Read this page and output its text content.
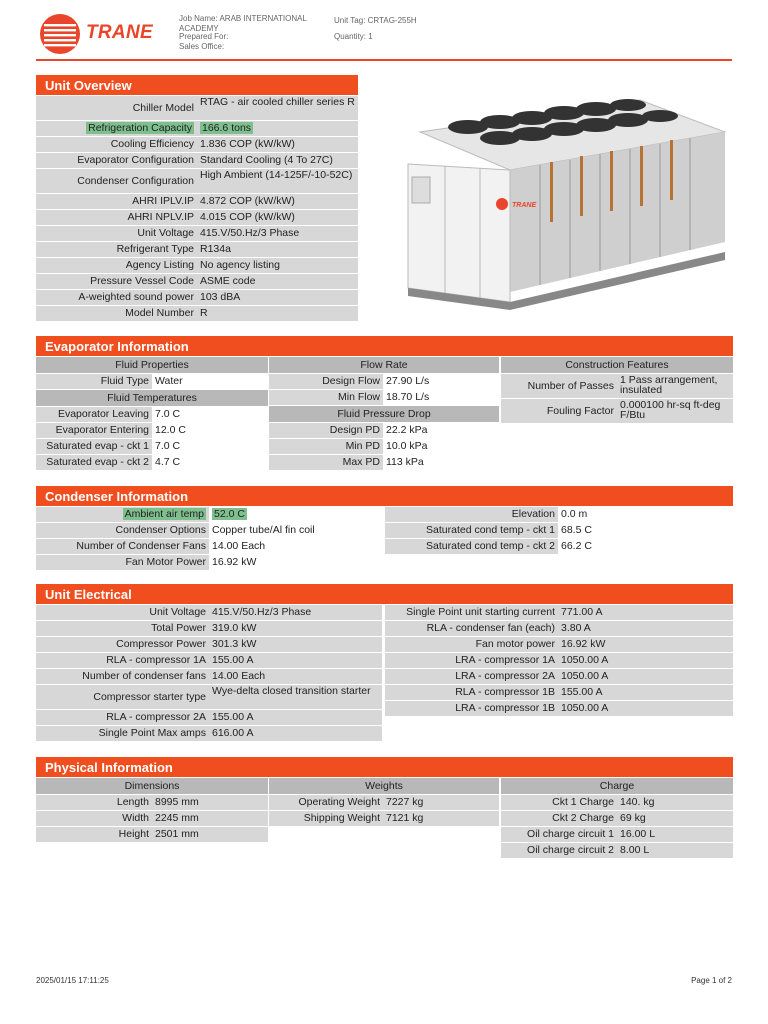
TRANE
Job Name: ARAB INTERNATIONAL ACADEMY
Prepared For:
Sales Office:
Unit Tag: CRTAG-255H
Quantity: 1
Unit Overview
Chiller Model RTAG - air cooled chiller series R
Refrigeration Capacity 166.6 tons
Cooling Efficiency 1.836 COP (kW/kW)
Evaporator Configuration Standard Cooling (4 To 27C)
Condenser Configuration High Ambient (14-125F/-10-52C)
AHRI IPLV.IP 4.872 COP (kW/kW)
AHRI NPLV.IP 4.015 COP (kW/kW)
Unit Voltage 415.V/50.Hz/3 Phase
Refrigerant Type R134a
Agency Listing No agency listing
Pressure Vessel Code ASME code
A-weighted sound power 103 dBA
Model Number R
TRANE
Evaporator Information
Fluid Properties	Flow Rate	Construction Features
Fluid Type Water
Fluid Temperatures
Evaporator Leaving 7.0 C
Evaporator Entering 12.0 C
Saturated evap - ckt 1 7.0 C
Saturated evap - ckt 2 4.7 C
Design Flow 27.90 L/s
Min Flow 18.70 L/s
Fluid Pressure Drop
Design PD 22.2 kPa
Min PD 10.0 kPa
Max PD 113 kPa
Number of Passes 1 Pass arrangement, insulated
Fouling Factor 0.000100 hr-sq ft-deg F/Btu
Condenser Information
Ambient air temp 52.0 C
Condenser Options Copper tube/Al fin coil
Number of Condenser Fans 14.00 Each
Fan Motor Power 16.92 kW
Elevation 0.0 m
Saturated cond temp - ckt 1 68.5 C
Saturated cond temp - ckt 2 66.2 C
Unit Electrical
Unit Voltage 415.V/50.Hz/3 Phase
Total Power 319.0 kW
Compressor Power 301.3 kW
RLA - compressor 1A 155.00 A
Number of condenser fans 14.00 Each
Compressor starter type Wye-delta closed transition starter
RLA - compressor 2A 155.00 A
Single Point Max amps 616.00 A
Single Point unit starting current 771.00 A
RLA - condenser fan (each) 3.80 A
Fan motor power 16.92 kW
LRA - compressor 1A 1050.00 A
LRA - compressor 2A 1050.00 A
RLA - compressor 1B 155.00 A
LRA - compressor 1B 1050.00 A
Physical Information
Dimensions	Weights	Charge
Length 8995 mm
Width 2245 mm
Height 2501 mm
Operating Weight 7227 kg
Shipping Weight 7121 kg
Ckt 1 Charge 140. kg
Ckt 2 Charge 69 kg
Oil charge circuit 1 16.00 L
Oil charge circuit 2 8.00 L
2025/01/15 17:11:25	Page 1 of 2
